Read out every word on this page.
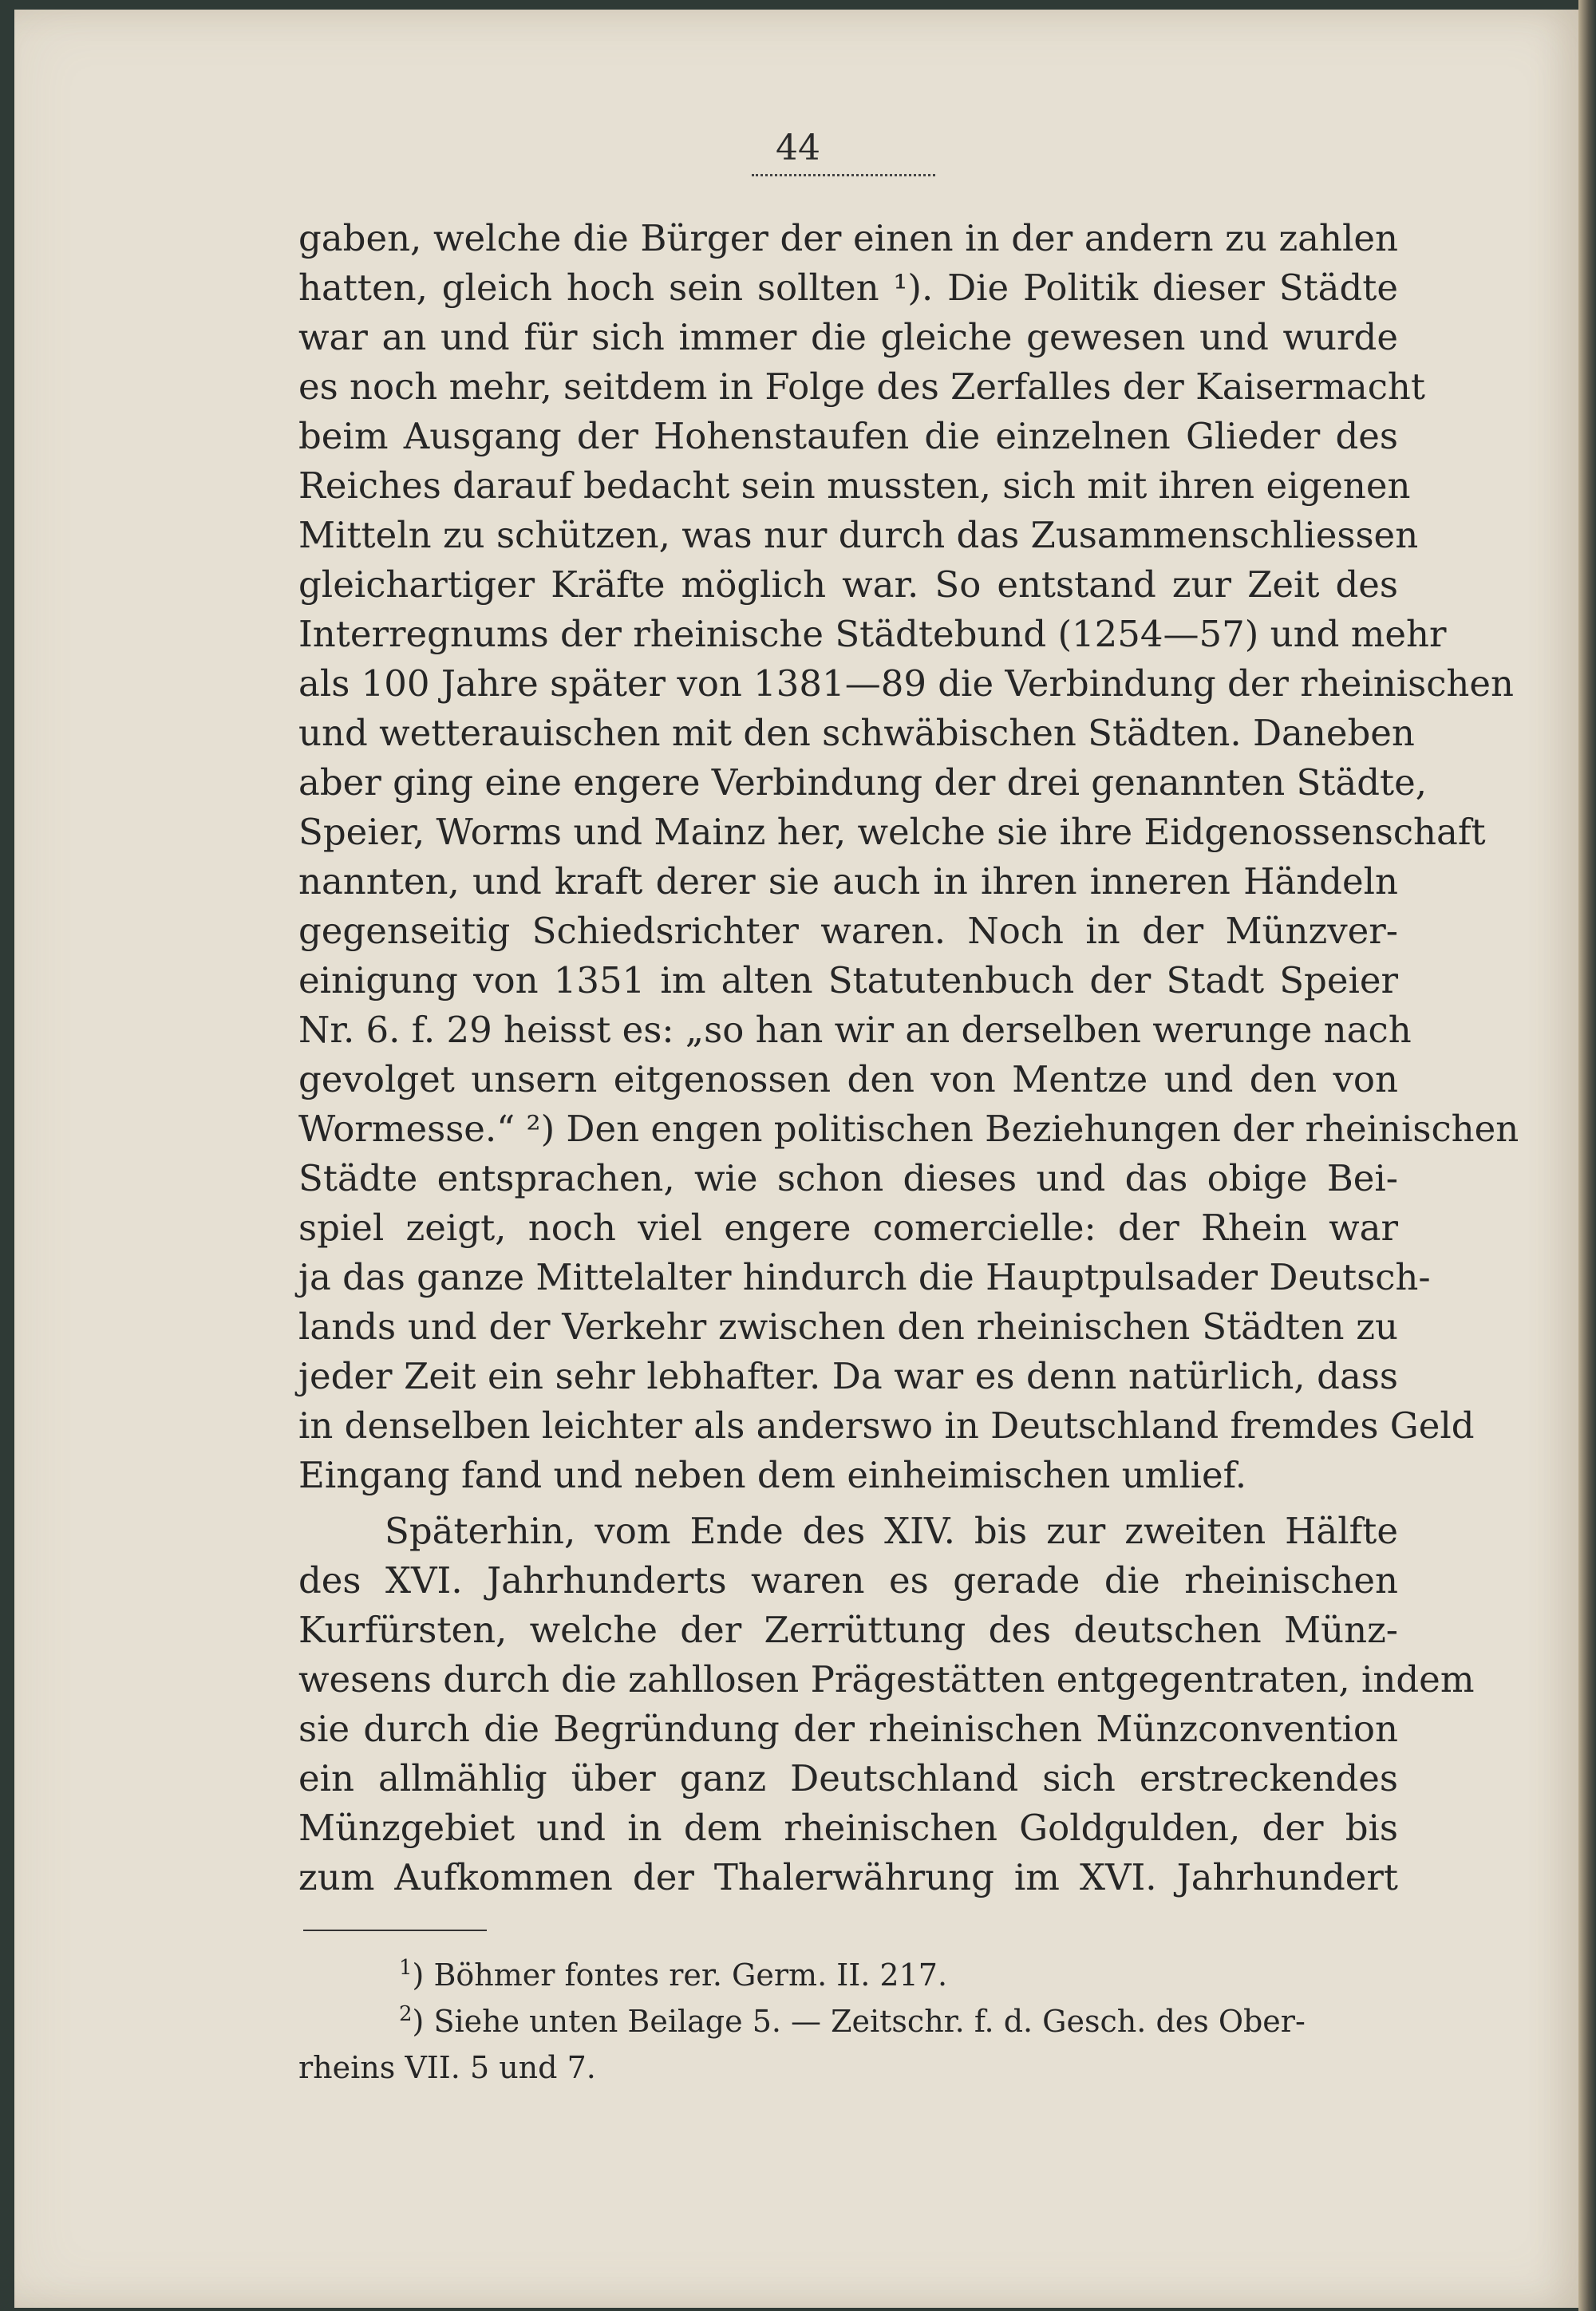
44
gaben, welche die Bürger der einen in der andern zu zahlen
hatten, gleich hoch sein sollten ¹). Die Politik dieser Städte
war an und für sich immer die gleiche gewesen und wurde
es noch mehr, seitdem in Folge des Zerfalles der Kaisermacht
beim Ausgang der Hohenstaufen die einzelnen Glieder des
Reiches darauf bedacht sein mussten, sich mit ihren eigenen
Mitteln zu schützen, was nur durch das Zusammenschliessen
gleichartiger Kräfte möglich war. So entstand zur Zeit des
Interregnums der rheinische Städtebund (1254—57) und mehr
als 100 Jahre später von 1381—89 die Verbindung der rheinischen
und wetterauischen mit den schwäbischen Städten. Daneben
aber ging eine engere Verbindung der drei genannten Städte,
Speier, Worms und Mainz her, welche sie ihre Eidgenossenschaft
nannten, und kraft derer sie auch in ihren inneren Händeln
gegenseitig Schiedsrichter waren. Noch in der Münzver-
einigung von 1351 im alten Statutenbuch der Stadt Speier
Nr. 6. f. 29 heisst es: „so han wir an derselben werunge nach
gevolget unsern eitgenossen den von Mentze und den von
Wormesse.“ ²) Den engen politischen Beziehungen der rheinischen
Städte entsprachen, wie schon dieses und das obige Bei-
spiel zeigt, noch viel engere comercielle: der Rhein war
ja das ganze Mittelalter hindurch die Hauptpulsader Deutsch-
lands und der Verkehr zwischen den rheinischen Städten zu
jeder Zeit ein sehr lebhafter. Da war es denn natürlich, dass
in denselben leichter als anderswo in Deutschland fremdes Geld
Eingang fand und neben dem einheimischen umlief.
Späterhin, vom Ende des XIV. bis zur zweiten Hälfte
des XVI. Jahrhunderts waren es gerade die rheinischen
Kurfürsten, welche der Zerrüttung des deutschen Münz-
wesens durch die zahllosen Prägestätten entgegentraten, indem
sie durch die Begründung der rheinischen Münzconvention
ein allmählig über ganz Deutschland sich erstreckendes
Münzgebiet und in dem rheinischen Goldgulden, der bis
zum Aufkommen der Thalerwährung im XVI. Jahrhundert
$^1$) Böhmer fontes rer. Germ. II. 217.
$^2$) Siehe unten Beilage 5. — Zeitschr. f. d. Gesch. des Ober-
rheins VII. 5 und 7.
